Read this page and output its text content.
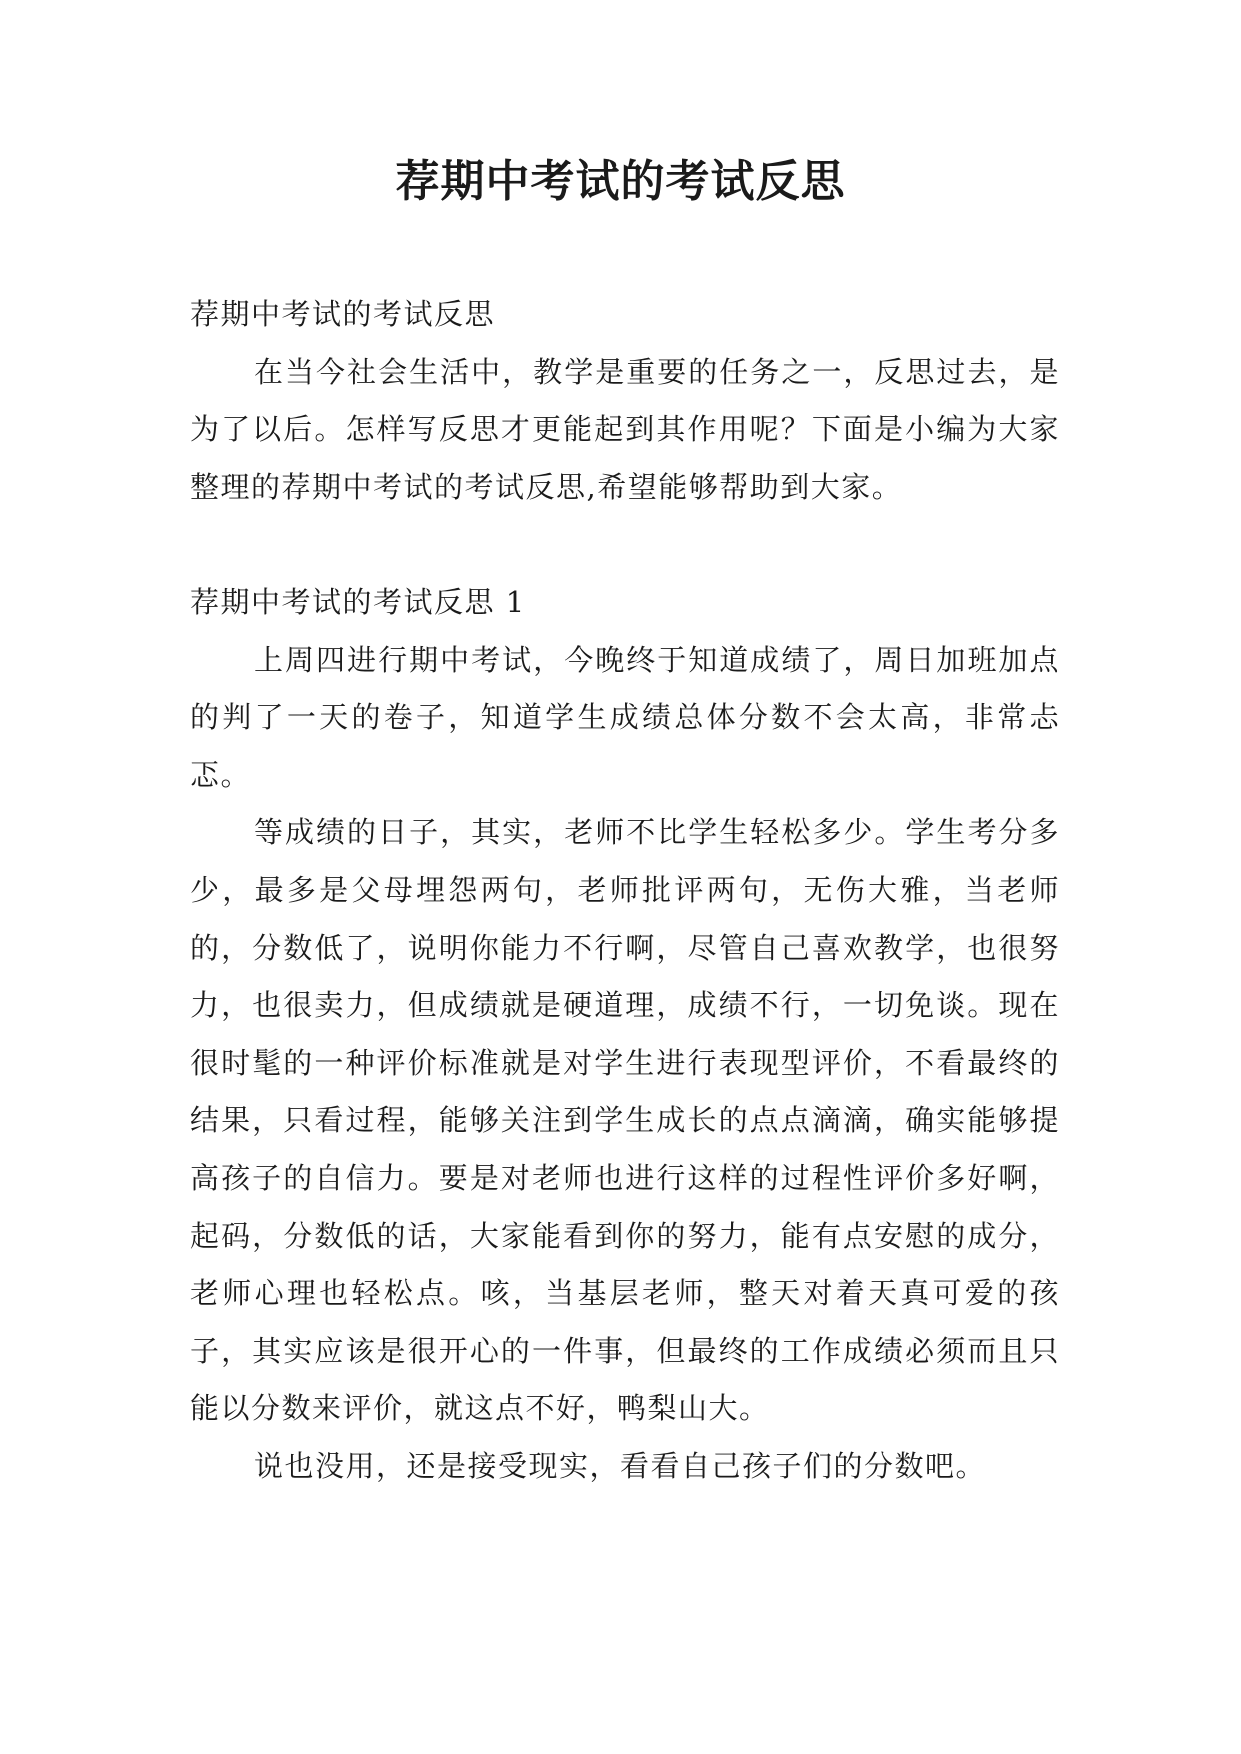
荐期中考试的考试反思

荐期中考试的考试反思

在当今社会生活中，教学是重要的任务之一，反思过去，是为了以后。怎样写反思才更能起到其作用呢？下面是小编为大家整理的荐期中考试的考试反思,希望能够帮助到大家。

荐期中考试的考试反思 1

上周四进行期中考试，今晚终于知道成绩了，周日加班加点的判了一天的卷子，知道学生成绩总体分数不会太高，非常忐忑。

等成绩的日子，其实，老师不比学生轻松多少。学生考分多少，最多是父母埋怨两句，老师批评两句，无伤大雅，当老师的，分数低了，说明你能力不行啊，尽管自己喜欢教学，也很努力，也很卖力，但成绩就是硬道理，成绩不行，一切免谈。现在很时髦的一种评价标准就是对学生进行表现型评价，不看最终的结果，只看过程，能够关注到学生成长的点点滴滴，确实能够提高孩子的自信力。要是对老师也进行这样的过程性评价多好啊，起码，分数低的话，大家能看到你的努力，能有点安慰的成分，老师心理也轻松点。咳，当基层老师，整天对着天真可爱的孩子，其实应该是很开心的一件事，但最终的工作成绩必须而且只能以分数来评价，就这点不好，鸭梨山大。

说也没用，还是接受现实，看看自己孩子们的分数吧。
